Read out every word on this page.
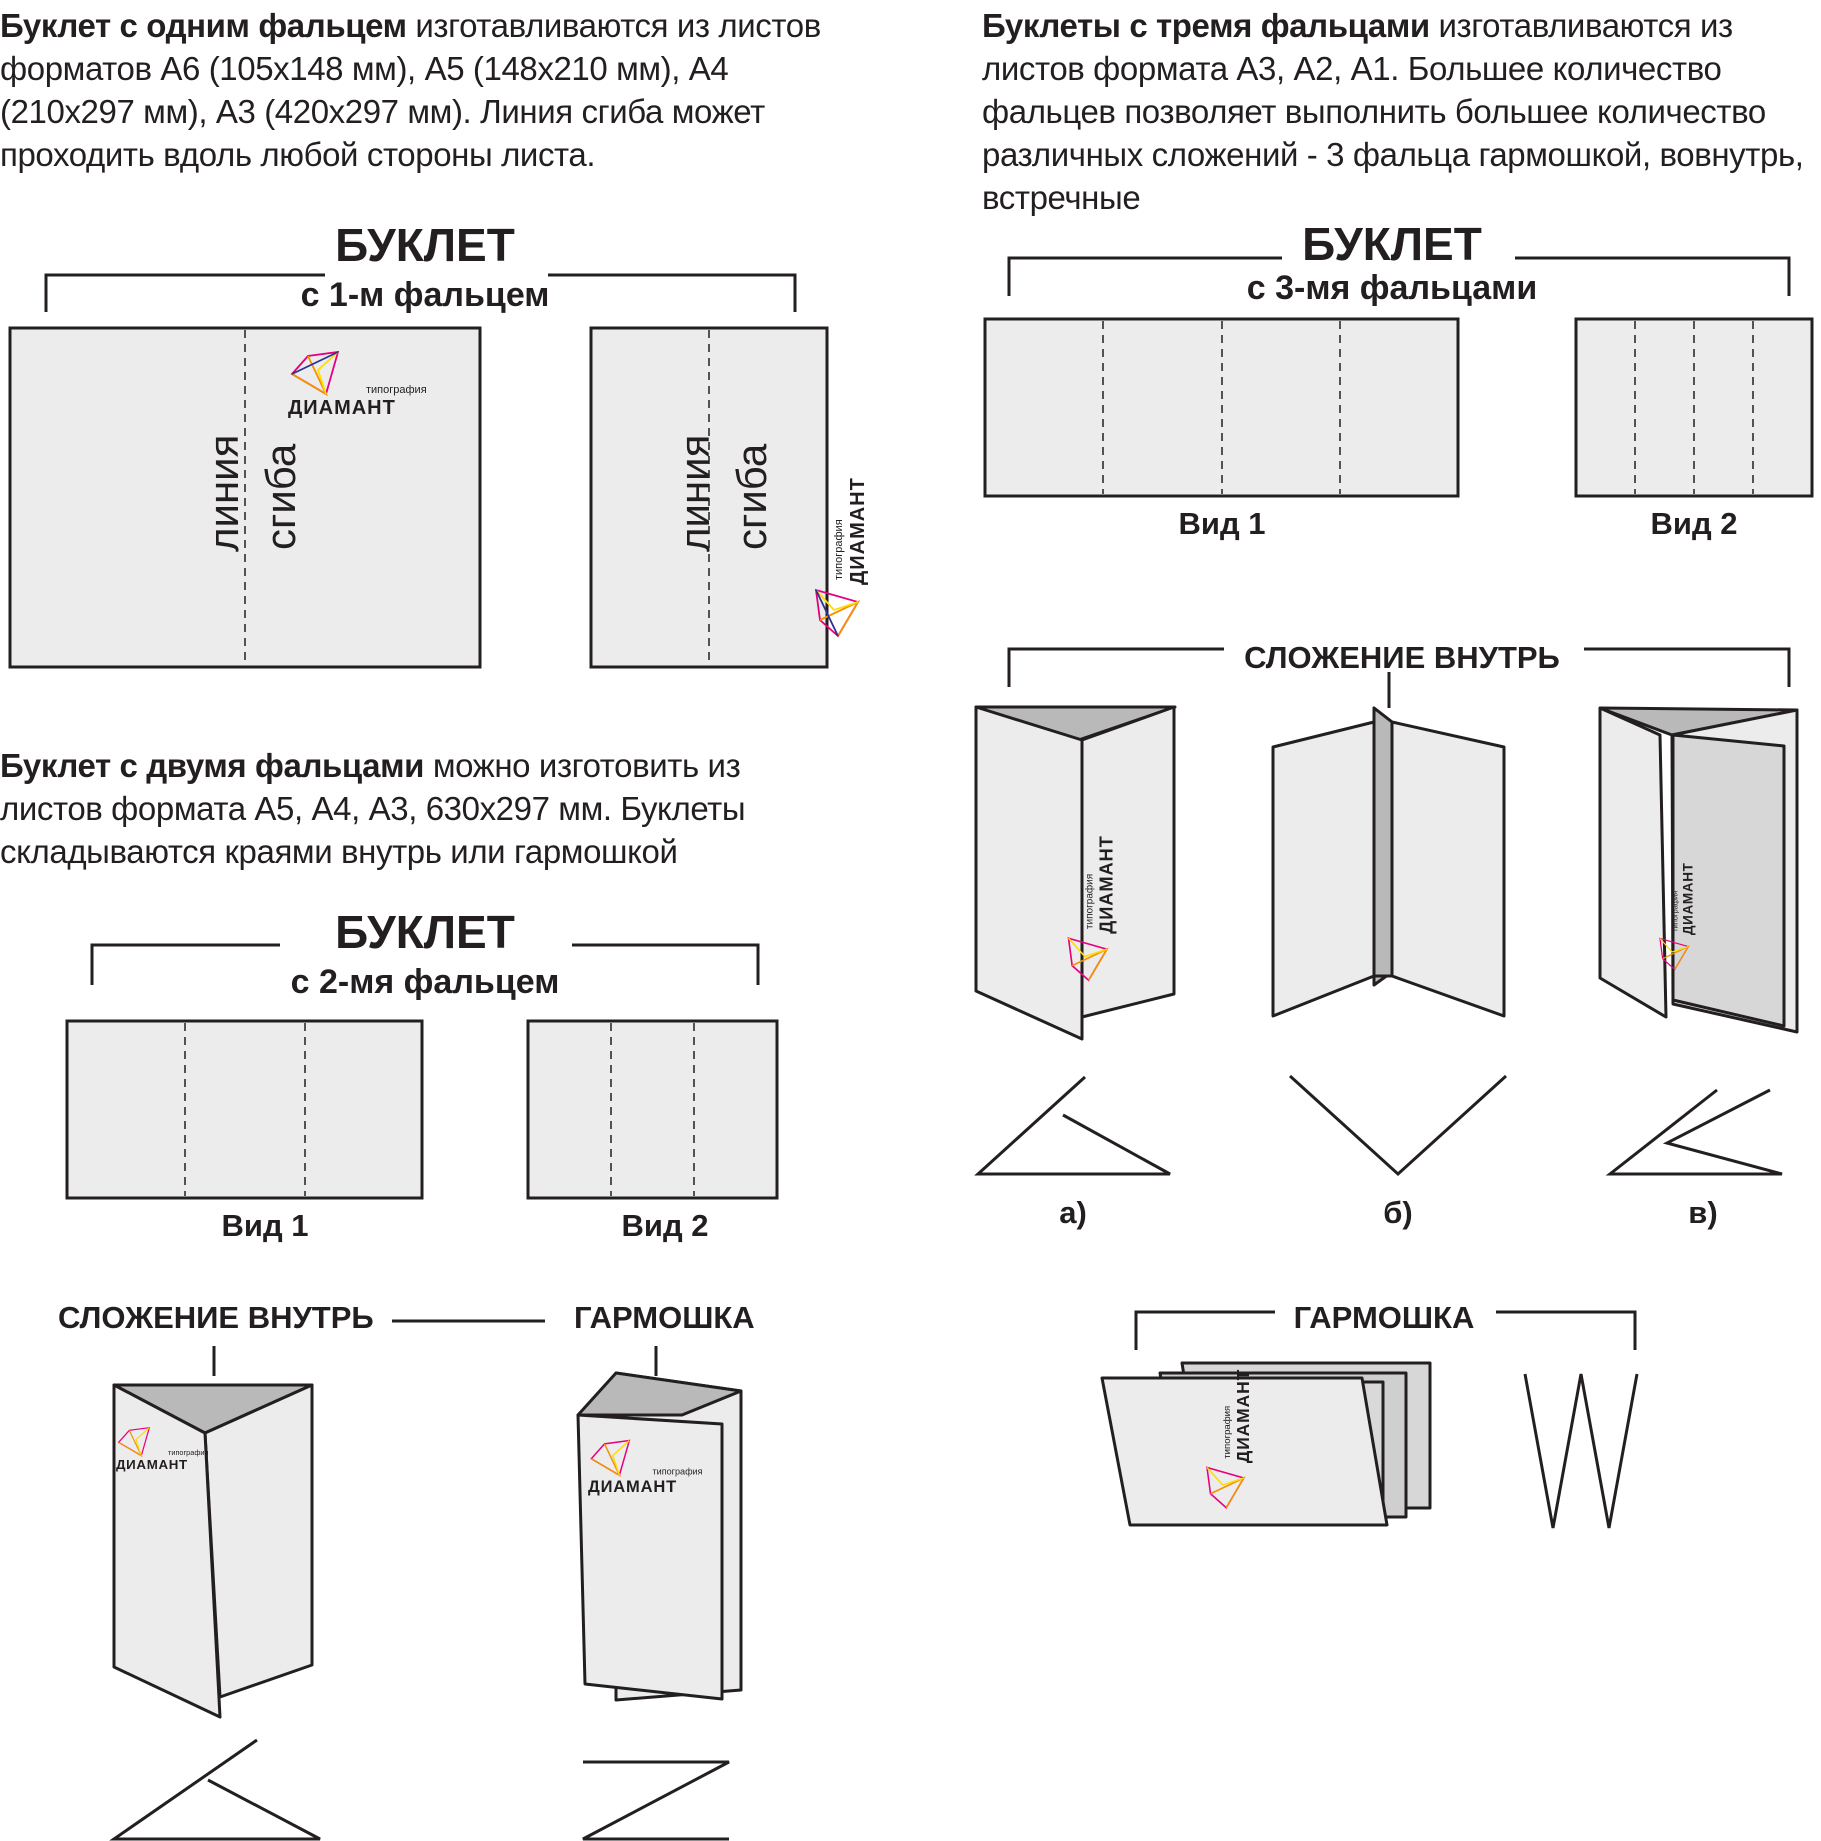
Буклет с одним фальцем изготавливаются из листов форматов А6 (105х148 мм), А5 (148х210 мм), А4 (210х297 мм), А3 (420х297 мм). Линия сгиба может проходить вдоль любой стороны листа.

Буклеты с тремя фальцами изготавливаются из листов формата А3, А2, А1. Большее количество фальцев позволяет выполнить большее количество различных сложений - 3 фальца гармошкой, вовнутрь, встречные

Буклет с двумя фальцами можно изготовить из листов формата А5, А4, А3, 630х297 мм. Буклеты складываются краями внутрь или гармошкой

БУКЛЕТ
с 1-м фальцем
БУКЛЕТ
с 2-мя фальцем
Вид 1	Вид 2
СЛОЖЕНИЕ ВНУТРЬ	ГАРМОШКА
БУКЛЕТ
с 3-мя фальцами
Вид 1	Вид 2
СЛОЖЕНИЕ ВНУТРЬ
а)	б)	в)
ГАРМОШКА
линия сгиба	линия сгиба
типография
ДИАМАНТ
типография ДИАМАНТ
типография
ДИАМАНТ	типография
ДИАМАНТ
типография ДИАМАНТ	типография ДИАМАНТ
типография ДИАМАНТ
